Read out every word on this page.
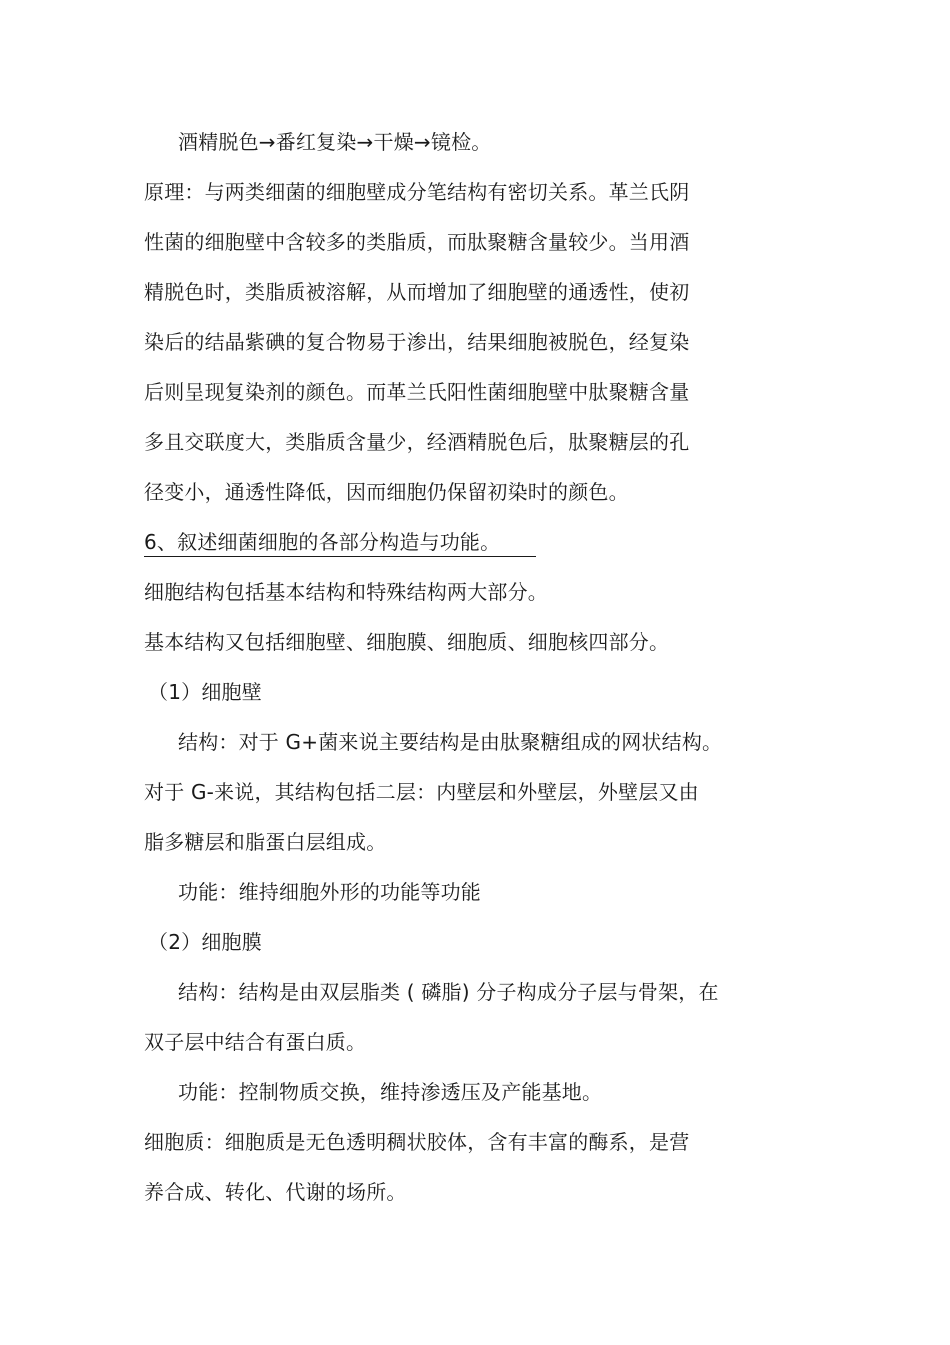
酒精脱色→番红复染→干燥→镜检。
原理：与两类细菌的细胞壁成分笔结构有密切关系。革兰氏阴
性菌的细胞壁中含较多的类脂质，而肽聚糖含量较少。当用酒
精脱色时，类脂质被溶解，从而增加了细胞壁的通透性，使初
染后的结晶紫碘的复合物易于渗出，结果细胞被脱色，经复染
后则呈现复染剂的颜色。而革兰氏阳性菌细胞壁中肽聚糖含量
多且交联度大，类脂质含量少，经酒精脱色后，肽聚糖层的孔
径变小，通透性降低，因而细胞仍保留初染时的颜色。
6、叙述细菌细胞的各部分构造与功能。
细胞结构包括基本结构和特殊结构两大部分。
基本结构又包括细胞壁、细胞膜、细胞质、细胞核四部分。
（1）细胞壁
结构：对于 G+菌来说主要结构是由肽聚糖组成的网状结构。
对于 G-来说，其结构包括二层：内壁层和外壁层，外壁层又由
脂多糖层和脂蛋白层组成。
功能：维持细胞外形的功能等功能
（2）细胞膜
结构：结构是由双层脂类 ( 磷脂) 分子构成分子层与骨架，在
双子层中结合有蛋白质。
功能：控制物质交换，维持渗透压及产能基地。
细胞质：细胞质是无色透明稠状胶体，含有丰富的酶系，是营
养合成、转化、代谢的场所。
